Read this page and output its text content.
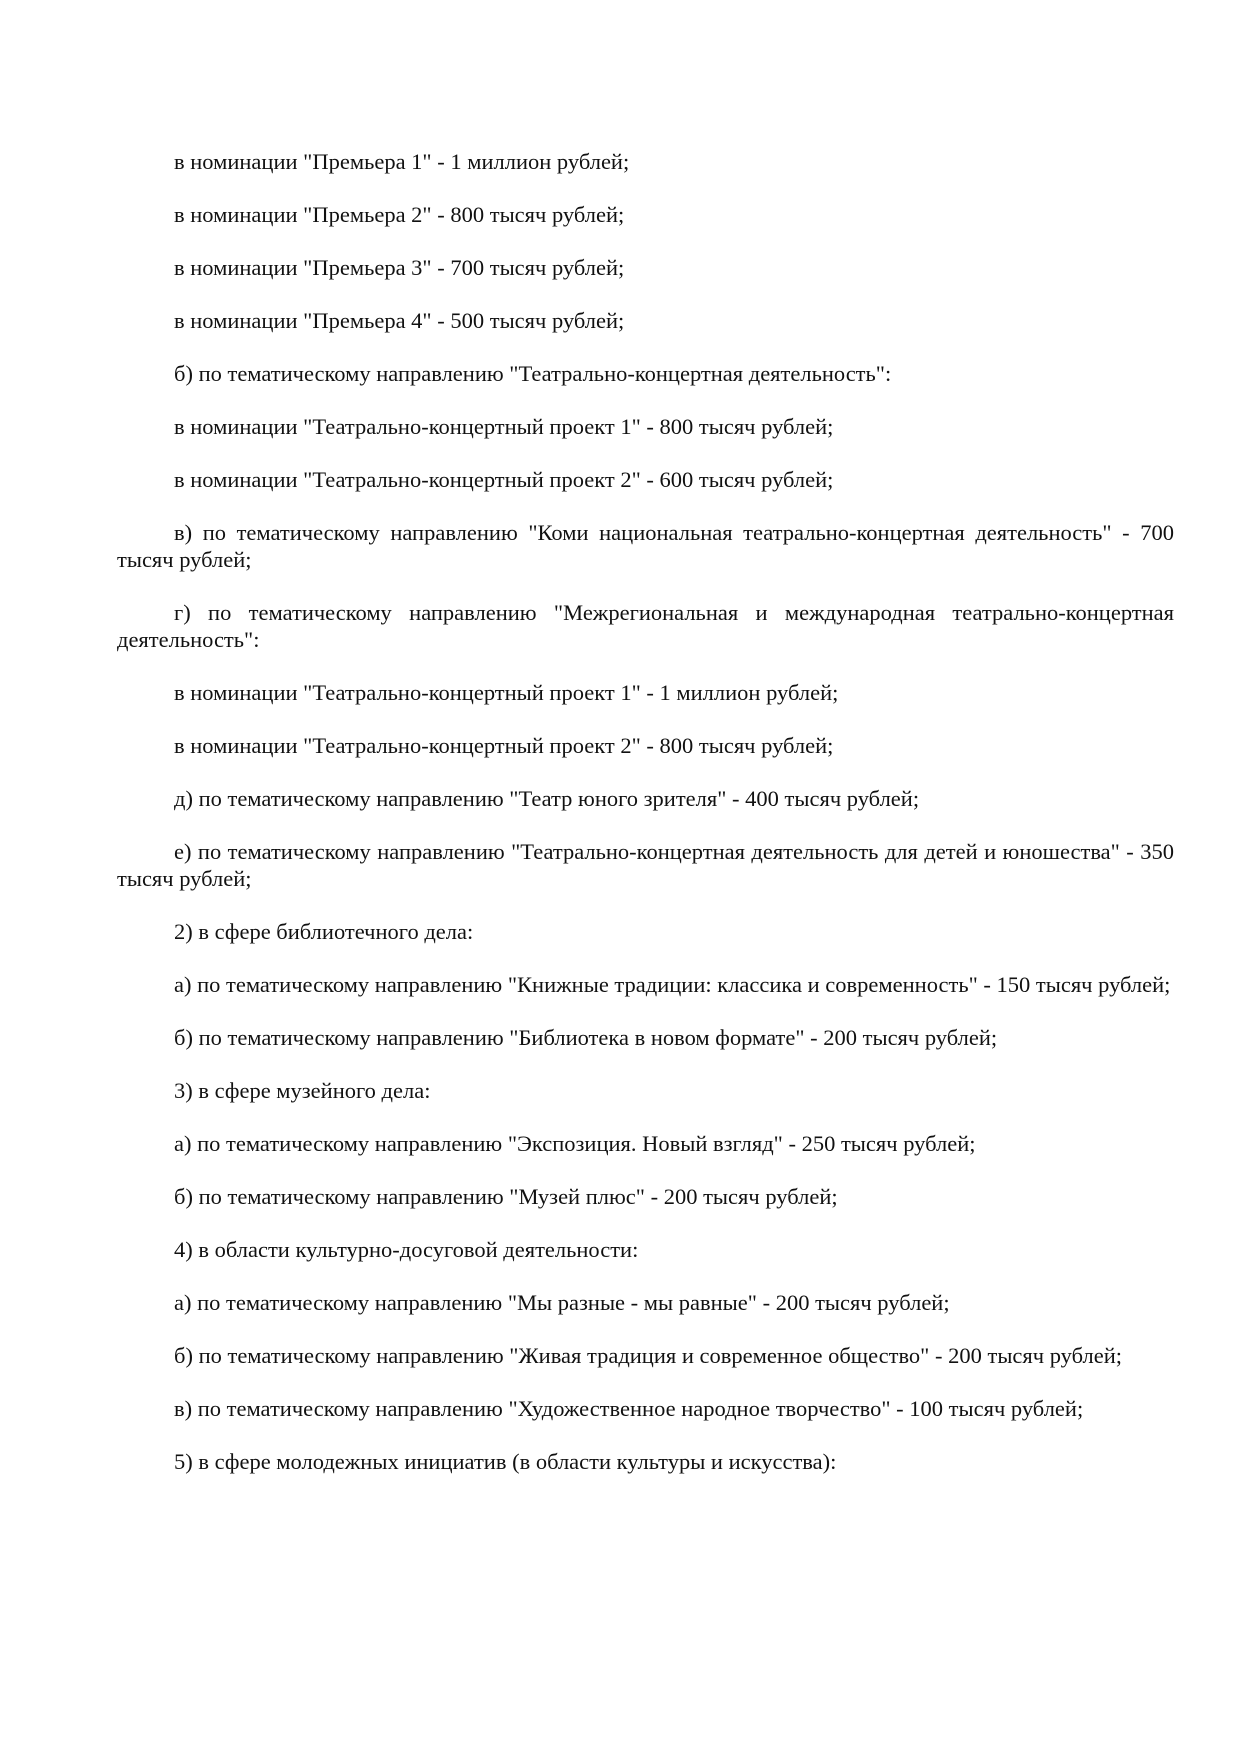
в номинации "Премьера 1" - 1 миллион рублей;

в номинации "Премьера 2" - 800 тысяч рублей;

в номинации "Премьера 3" - 700 тысяч рублей;

в номинации "Премьера 4" - 500 тысяч рублей;

б) по тематическому направлению "Театрально-концертная деятельность":

в номинации "Театрально-концертный проект 1" - 800 тысяч рублей;

в номинации "Театрально-концертный проект 2" - 600 тысяч рублей;

в) по тематическому направлению "Коми национальная театрально-концертная деятельность" - 700 тысяч рублей;

г) по тематическому направлению "Межрегиональная и международная театрально-концертная деятельность":

в номинации "Театрально-концертный проект 1" - 1 миллион рублей;

в номинации "Театрально-концертный проект 2" - 800 тысяч рублей;

д) по тематическому направлению "Театр юного зрителя" - 400 тысяч рублей;

е) по тематическому направлению "Театрально-концертная деятельность для детей и юношества" - 350 тысяч рублей;

2) в сфере библиотечного дела:

а) по тематическому направлению "Книжные традиции: классика и современность" - 150 тысяч рублей;

б) по тематическому направлению "Библиотека в новом формате" - 200 тысяч рублей;

3) в сфере музейного дела:

а) по тематическому направлению "Экспозиция. Новый взгляд" - 250 тысяч рублей;

б) по тематическому направлению "Музей плюс" - 200 тысяч рублей;

4) в области культурно-досуговой деятельности:

а) по тематическому направлению "Мы разные - мы равные" - 200 тысяч рублей;

б) по тематическому направлению "Живая традиция и современное общество" - 200 тысяч рублей;

в) по тематическому направлению "Художественное народное творчество" - 100 тысяч рублей;

5) в сфере молодежных инициатив (в области культуры и искусства):
